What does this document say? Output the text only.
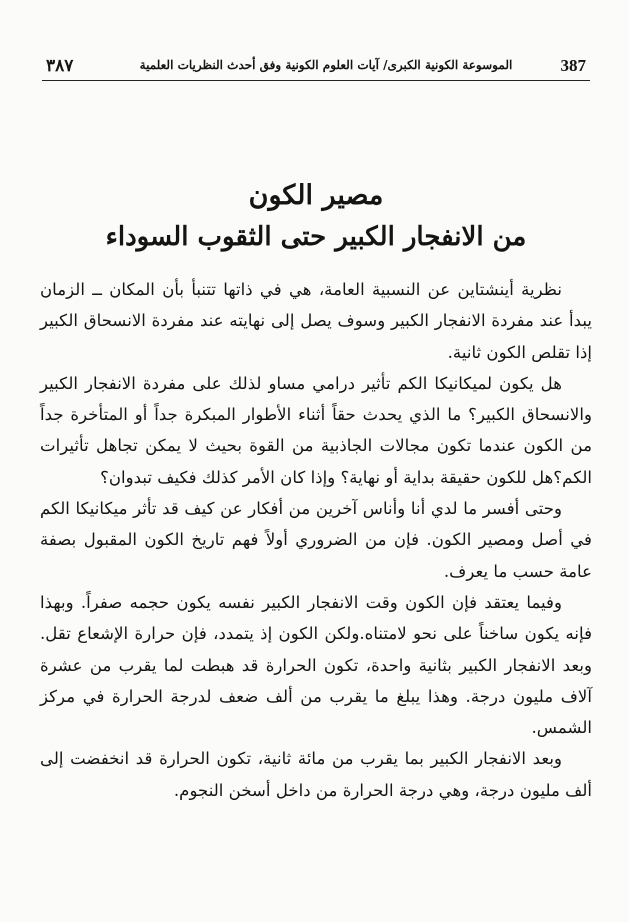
٣٨٧	الموسوعة الكونية الكبرى/ آيات العلوم الكونية وفق أحدث النظريات العلمية	387
مصير الكون
من الانفجار الكبير حتى الثقوب السوداء

نظرية أينشتاين عن النسبية العامة، هي في ذاتها تتنبأ بأن المكان ــ الزمان يبدأ عند مفردة الانفجار الكبير وسوف يصل إلى نهايته عند مفردة الانسحاق الكبير إذا تقلص الكون ثانية.

هل يكون لميكانيكا الكم تأثير درامي مساو لذلك على مفردة الانفجار الكبير والانسحاق الكبير؟ ما الذي يحدث حقاً أثناء الأطوار المبكرة جداً أو المتأخرة جداً من الكون عندما تكون مجالات الجاذبية من القوة بحيث لا يمكن تجاهل تأثيرات الكم؟هل للكون حقيقة بداية أو نهاية؟ وإذا كان الأمر كذلك فكيف تبدوان؟

وحتى أفسر ما لدي أنا وأناس آخرين من أفكار عن كيف قد تأثر ميكانيكا الكم في أصل ومصير الكون. فإن من الضروري أولاً فهم تاريخ الكون المقبول بصفة عامة حسب ما يعرف.

وفيما يعتقد فإن الكون وقت الانفجار الكبير نفسه يكون حجمه صفراً. وبهذا فإنه يكون ساخناً على نحو لامتناه.ولكن الكون إذ يتمدد، فإن حرارة الإشعاع تقل. وبعد الانفجار الكبير بثانية واحدة، تكون الحرارة قد هبطت لما يقرب من عشرة آلاف مليون درجة. وهذا يبلغ ما يقرب من ألف ضعف لدرجة الحرارة في مركز الشمس.

وبعد الانفجار الكبير بما يقرب من مائة ثانية، تكون الحرارة قد انخفضت إلى ألف مليون درجة، وهي درجة الحرارة من داخل أسخن النجوم.
